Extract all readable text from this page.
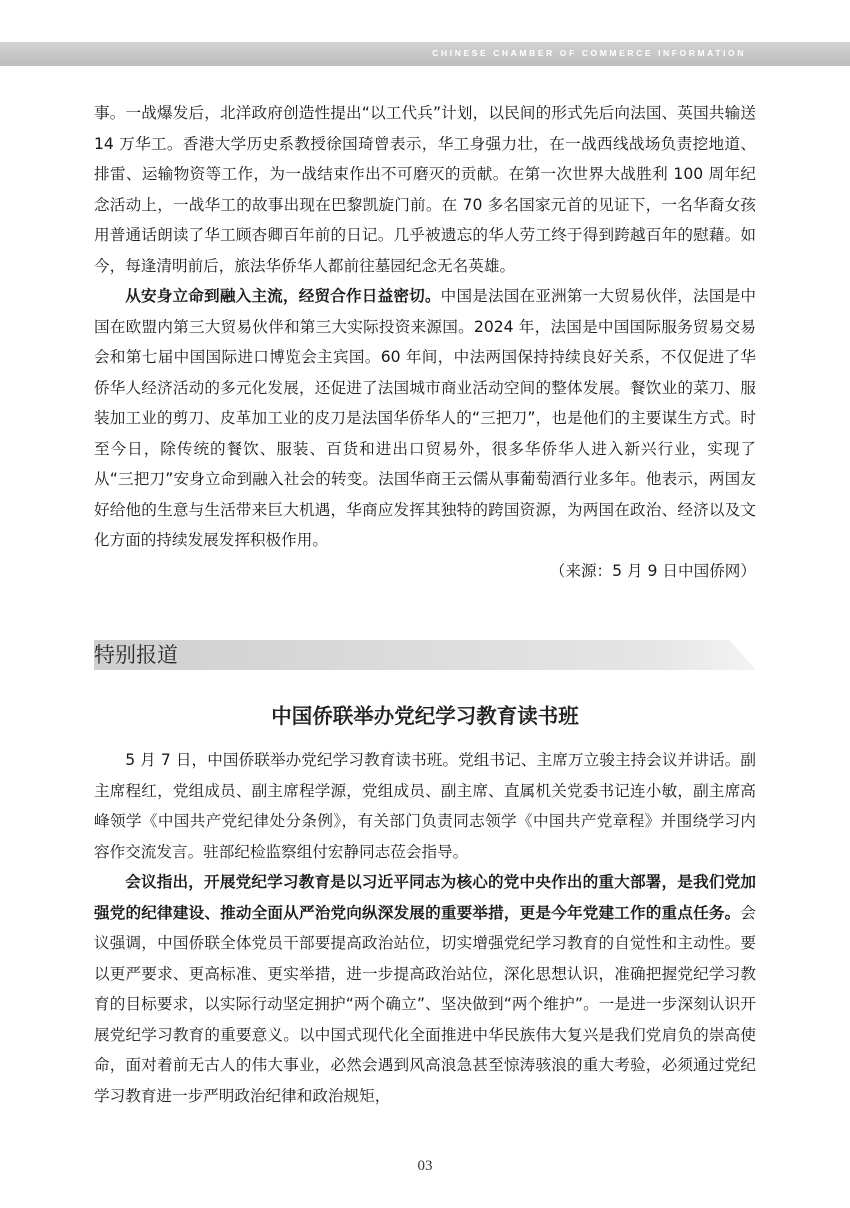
CHINESE CHAMBER OF COMMERCE INFORMATION

事。一战爆发后，北洋政府创造性提出“以工代兵”计划，以民间的形式先后向法国、英国共输送 14 万华工。香港大学历史系教授徐国琦曾表示，华工身强力壮，在一战西线战场负责挖地道、排雷、运输物资等工作，为一战结束作出不可磨灭的贡献。在第一次世界大战胜利 100 周年纪念活动上，一战华工的故事出现在巴黎凯旋门前。在 70 多名国家元首的见证下，一名华裔女孩用普通话朗读了华工顾杏卿百年前的日记。几乎被遗忘的华人劳工终于得到跨越百年的慰藉。如今，每逢清明前后，旅法华侨华人都前往墓园纪念无名英雄。

从安身立命到融入主流，经贸合作日益密切。中国是法国在亚洲第一大贸易伙伴，法国是中国在欧盟内第三大贸易伙伴和第三大实际投资来源国。2024 年，法国是中国国际服务贸易交易会和第七届中国国际进口博览会主宾国。60 年间，中法两国保持持续良好关系，不仅促进了华侨华人经济活动的多元化发展，还促进了法国城市商业活动空间的整体发展。餐饮业的菜刀、服装加工业的剪刀、皮革加工业的皮刀是法国华侨华人的“三把刀”，也是他们的主要谋生方式。时至今日，除传统的餐饮、服装、百货和进出口贸易外，很多华侨华人进入新兴行业，实现了从“三把刀”安身立命到融入社会的转变。法国华商王云儒从事葡萄酒行业多年。他表示，两国友好给他的生意与生活带来巨大机遇，华商应发挥其独特的跨国资源，为两国在政治、经济以及文化方面的持续发展发挥积极作用。

（来源：5 月 9 日中国侨网）

特别报道
中国侨联举办党纪学习教育读书班

5 月 7 日，中国侨联举办党纪学习教育读书班。党组书记、主席万立骏主持会议并讲话。副主席程红，党组成员、副主席程学源，党组成员、副主席、直属机关党委书记连小敏，副主席高峰领学《中国共产党纪律处分条例》，有关部门负责同志领学《中国共产党章程》并围绕学习内容作交流发言。驻部纪检监察组付宏静同志莅会指导。

会议指出，开展党纪学习教育是以习近平同志为核心的党中央作出的重大部署，是我们党加强党的纪律建设、推动全面从严治党向纵深发展的重要举措，更是今年党建工作的重点任务。会议强调，中国侨联全体党员干部要提高政治站位，切实增强党纪学习教育的自觉性和主动性。要以更严要求、更高标准、更实举措，进一步提高政治站位，深化思想认识，准确把握党纪学习教育的目标要求，以实际行动坚定拥护“两个确立”、坚决做到“两个维护”。一是进一步深刻认识开展党纪学习教育的重要意义。以中国式现代化全面推进中华民族伟大复兴是我们党肩负的崇高使命，面对着前无古人的伟大事业，必然会遇到风高浪急甚至惊涛骇浪的重大考验，必须通过党纪学习教育进一步严明政治纪律和政治规矩，

03
